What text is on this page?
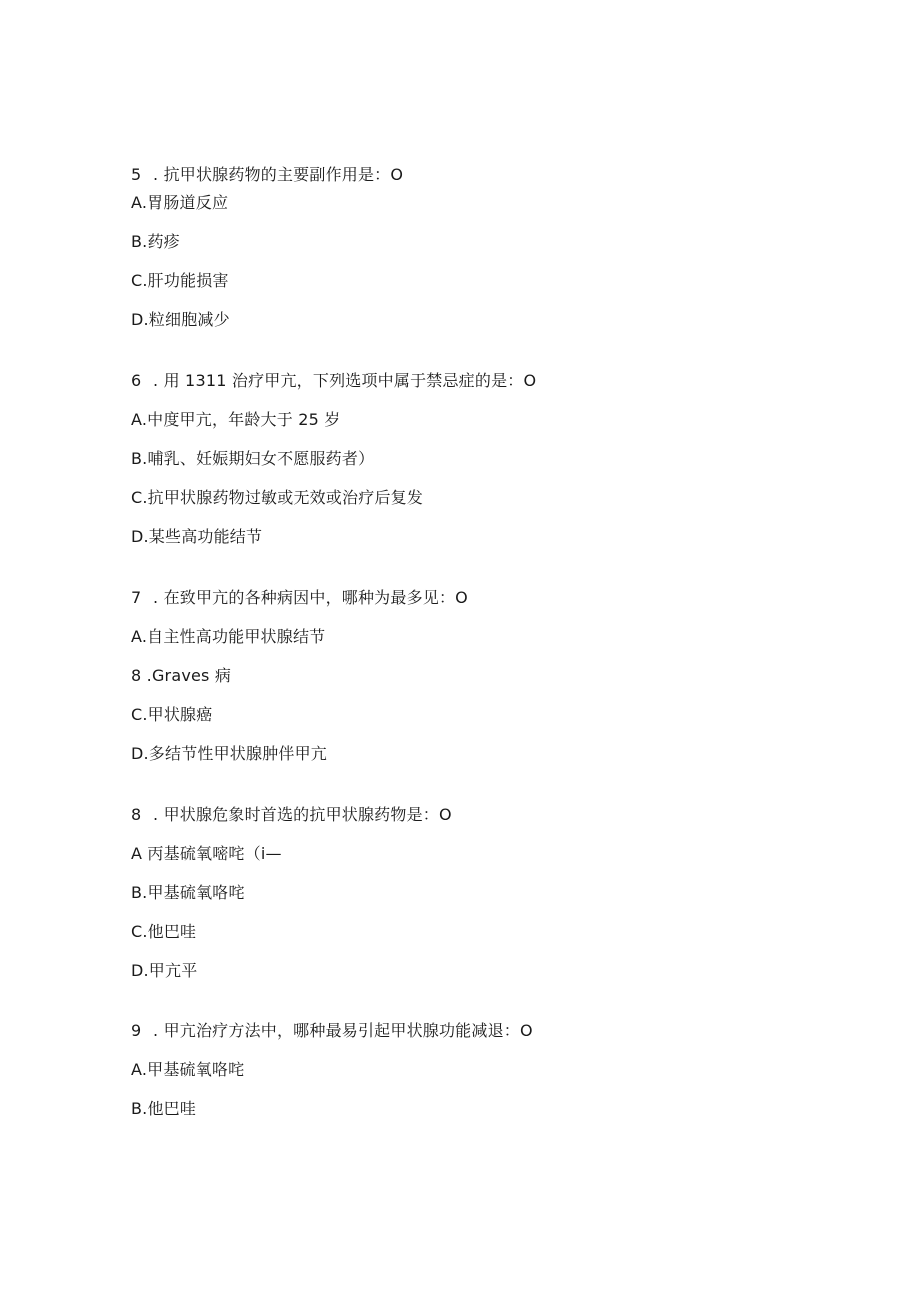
5 . 抗甲状腺药物的主要副作用是：O
A.胃肠道反应
B.药疹
C.肝功能损害
D.粒细胞减少
6 . 用 1311 治疗甲亢，下列选项中属于禁忌症的是：O
A.中度甲亢，年龄大于 25 岁
B.哺乳、妊娠期妇女不愿服药者）
C.抗甲状腺药物过敏或无效或治疗后复发
D.某些高功能结节
7 . 在致甲亢的各种病因中，哪种为最多见：O
A.自主性高功能甲状腺结节
8 .Graves 病
C.甲状腺癌
D.多结节性甲状腺肿伴甲亢
8 . 甲状腺危象时首选的抗甲状腺药物是：O
A 丙基硫氧嘧咤（i—
B.甲基硫氧咯咤
C.他巴哇
D.甲亢平
9 . 甲亢治疗方法中，哪种最易引起甲状腺功能减退：O
A.甲基硫氧咯咤
B.他巴哇
